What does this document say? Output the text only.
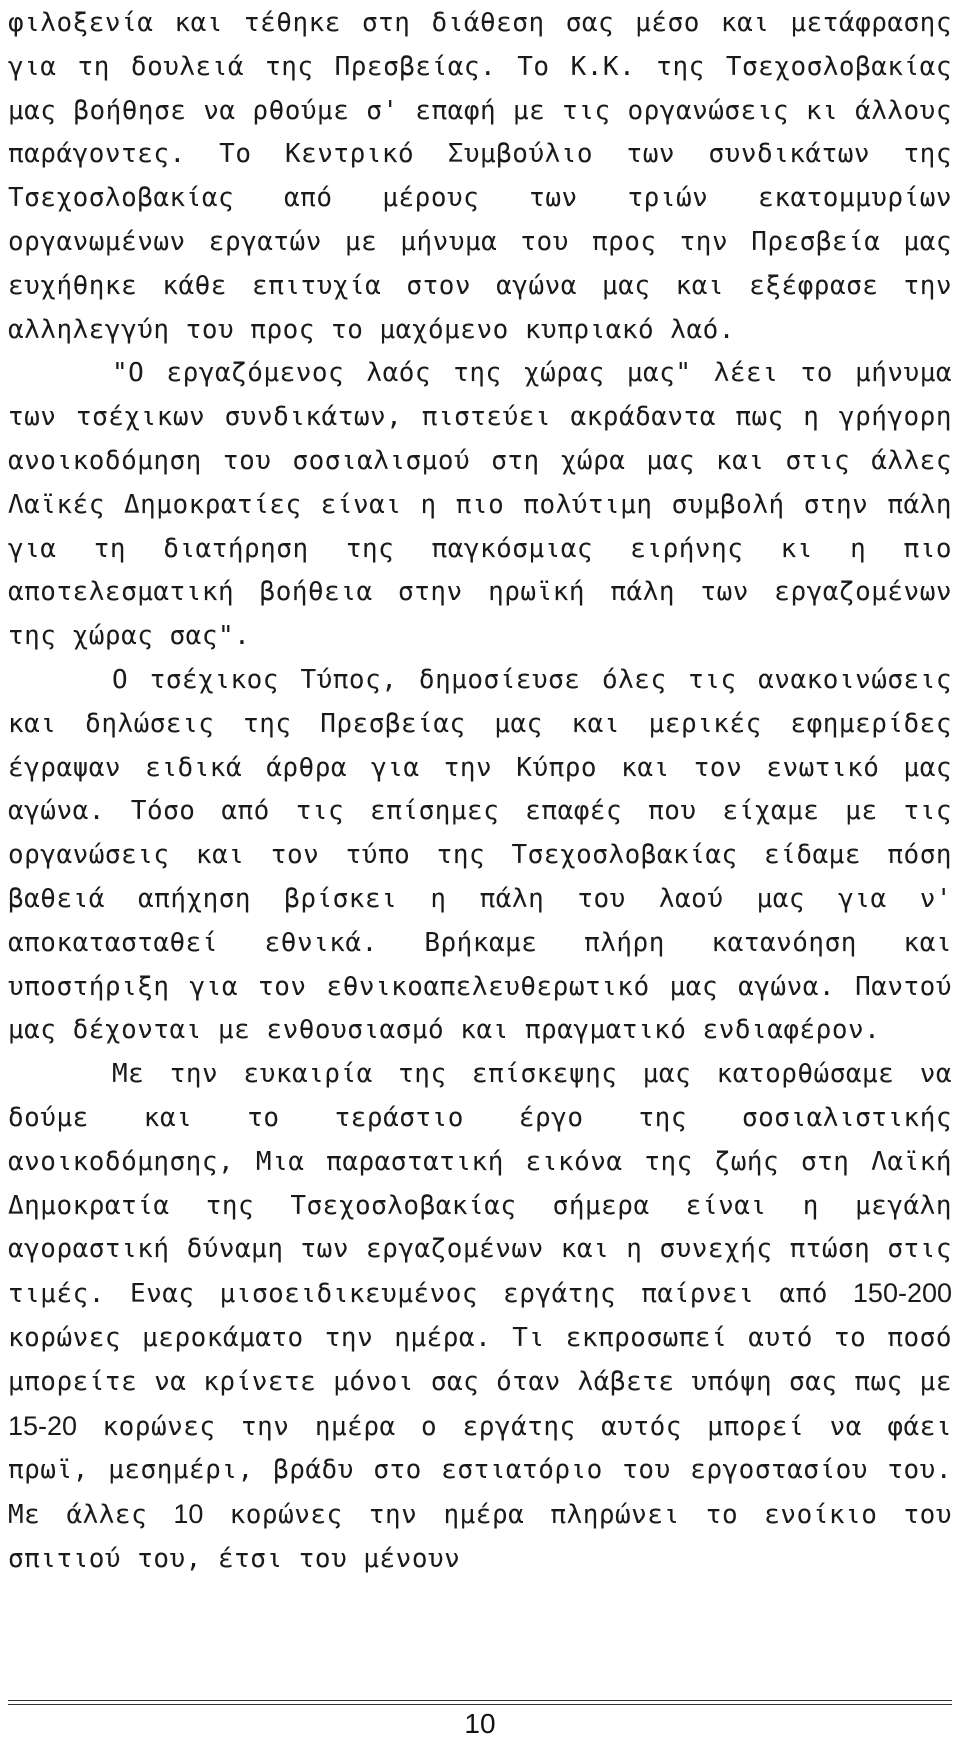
φιλοξενία και τέθηκε στη διάθεση σας μέσο και μετάφρασης για τη δουλειά της Πρεσβείας. Το Κ.Κ. της Τσεχοσλοβακίας μας βοήθησε να ρθούμε σ' επαφή με τις οργανώσεις κι άλλους παράγοντες. Το Κεντρικό Συμβούλιο των συνδικάτων της Τσεχοσλοβακίας από μέρους των τριών εκατομμυρίων οργανωμένων εργατών με μήνυμα του προς την Πρεσβεία μας ευχήθηκε κάθε επιτυχία στον αγώνα μας και εξέφρασε την αλληλεγγύη του προς το μαχόμενο κυπριακό λαό.

"Ο εργαζόμενος λαός της χώρας μας" λέει το μήνυμα των τσέχικων συνδικάτων, πιστεύει ακράδαντα πως η γρήγορη ανοικοδόμηση του σοσιαλισμού στη χώρα μας και στις άλλες Λαϊκές Δημοκρατίες είναι η πιο πολύτιμη συμβολή στην πάλη για τη διατήρηση της παγκόσμιας ειρήνης κι η πιο αποτελεσματική βοήθεια στην ηρωϊκή πάλη των εργαζομένων της χώρας σας".

Ο τσέχικος Τύπος, δημοσίευσε όλες τις ανακοινώσεις και δηλώσεις της Πρεσβείας μας και μερικές εφημερίδες έγραψαν ειδικά άρθρα για την Κύπρο και τον ενωτικό μας αγώνα. Τόσο από τις επίσημες επαφές που είχαμε με τις οργανώσεις και τον τύπο της Τσεχοσλοβακίας είδαμε πόση βαθειά απήχηση βρίσκει η πάλη του λαού μας για ν' αποκατασταθεί εθνικά. Βρήκαμε πλήρη κατανόηση και υποστήριξη για τον εθνικοαπελευθερωτικό μας αγώνα. Παντού μας δέχονται με ενθουσιασμό και πραγματικό ενδιαφέρον.

Με την ευκαιρία της επίσκεψης μας κατορθώσαμε να δούμε και το τεράστιο έργο της σοσιαλιστικής ανοικοδόμησης, Μια παραστατική εικόνα της ζωής στη Λαϊκή Δημοκρατία της Τσεχοσλοβακίας σήμερα είναι η μεγάλη αγοραστική δύναμη των εργαζομένων και η συνεχής πτώση στις τιμές. Ενας μισοειδικευμένος εργάτης παίρνει από 150-200 κορώνες μεροκάματο την ημέρα. Τι εκπροσωπεί αυτό το ποσό μπορείτε να κρίνετε μόνοι σας όταν λάβετε υπόψη σας πως με 15-20 κορώνες την ημέρα ο εργάτης αυτός μπορεί να φάει πρωϊ, μεσημέρι, βράδυ στο εστιατόριο του εργοστασίου του. Με άλλες 10 κορώνες την ημέρα πληρώνει το ενοίκιο του σπιτιού του, έτσι του μένουν

10
